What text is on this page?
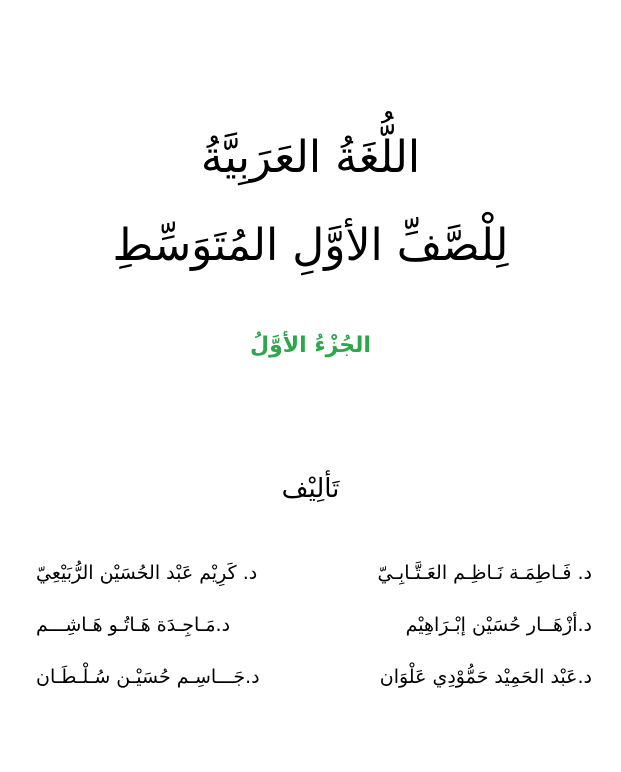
اللُّغَةُ العَرَبِيَّةُ
لِلْصَّفِّ الأوَّلِ المُتَوَسِّطِ
الجُزْءُ الأوَّلُ
تَألِيْف
د. فَـاطِمَـة نَـاظِـم العَـتَّـابِـيّ
د. كَرِيْم عَبْد الحُسَيْن الرُّبَيْعِيّ
د.أزْهَــار حُسَيْن إبْـرَاهِيْم
د.مَـاجِـدَة هَـاتُـو هَـاشِـــم
د.عَبْد الحَمِيْد حَمُّوْدِي عَلْوَان
د.جَـــاسِـم حُسَيْـن سُـلْـطَـان
